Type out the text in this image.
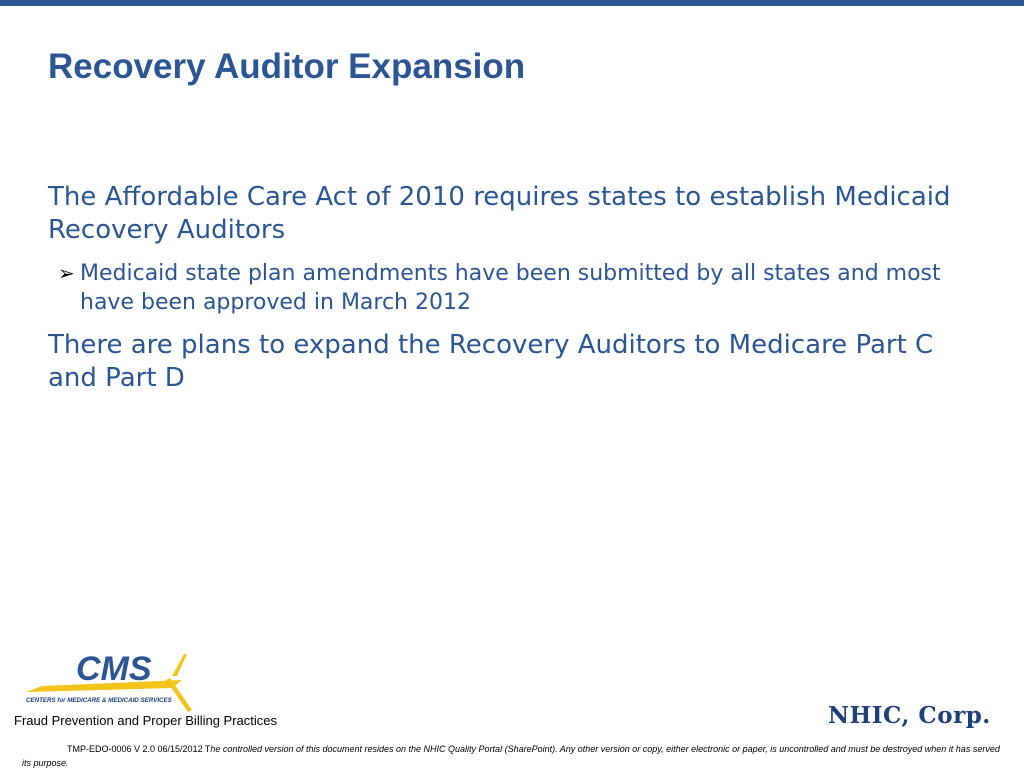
Recovery Auditor Expansion

The Affordable Care Act of 2010 requires states to establish Medicaid Recovery Auditors

➢ Medicaid state plan amendments have been submitted by all states and most have been approved in March 2012

There are plans to expand the Recovery Auditors to Medicare Part C and Part D

CMS
CENTERS for MEDICARE & MEDICAID SERVICES
Fraud Prevention and Proper Billing Practices	NHIC, Corp.
TMP-EDO-0006 V 2.0 06/15/2012 The controlled version of this document resides on the NHIC Quality Portal (SharePoint). Any other version or copy, either electronic or paper, is uncontrolled and must be destroyed when it has served its purpose.
